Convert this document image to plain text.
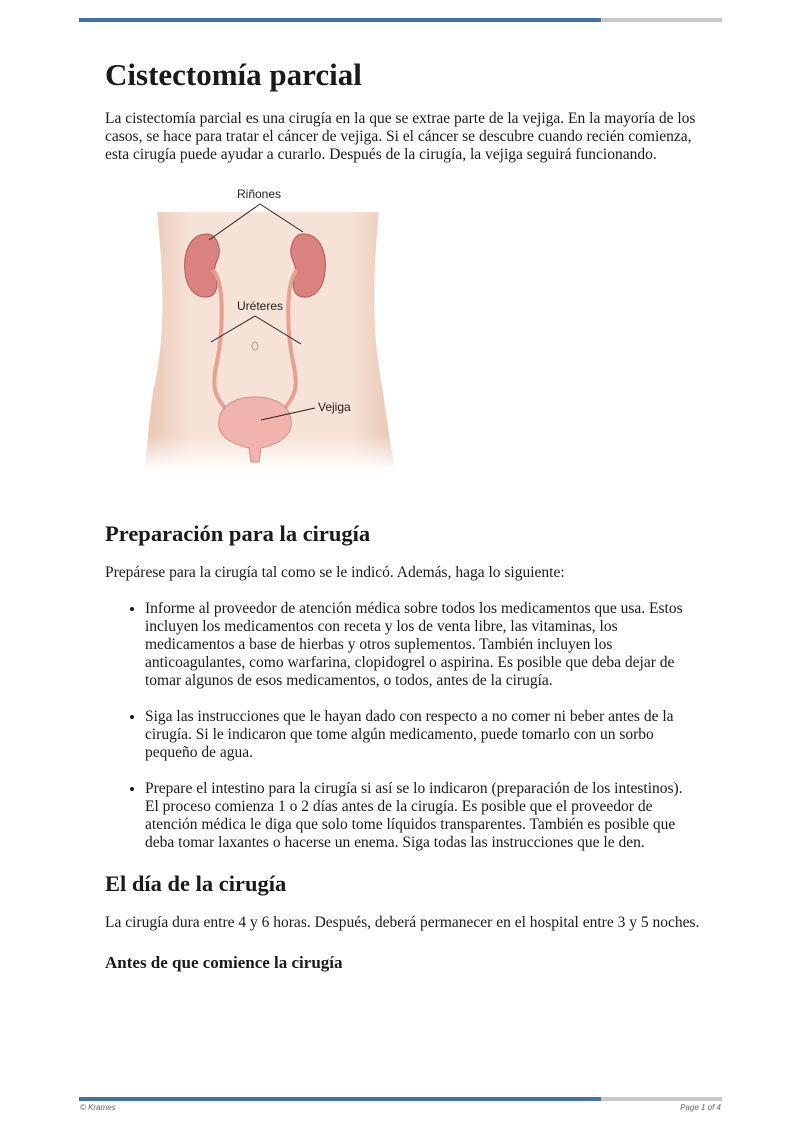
Cistectomía parcial

La cistectomía parcial es una cirugía en la que se extrae parte de la vejiga. En la mayoría de los casos, se hace para tratar el cáncer de vejiga. Si el cáncer se descubre cuando recién comienza, esta cirugía puede ayudar a curarlo. Después de la cirugía, la vejiga seguirá funcionando.

Riñones
Uréteres
Vejiga
Preparación para la cirugía

Prepárese para la cirugía tal como se le indicó. Además, haga lo siguiente:

• Informe al proveedor de atención médica sobre todos los medicamentos que usa. Estos incluyen los medicamentos con receta y los de venta libre, las vitaminas, los medicamentos a base de hierbas y otros suplementos. También incluyen los anticoagulantes, como warfarina, clopidogrel o aspirina. Es posible que deba dejar de tomar algunos de esos medicamentos, o todos, antes de la cirugía.
• Siga las instrucciones que le hayan dado con respecto a no comer ni beber antes de la cirugía. Si le indicaron que tome algún medicamento, puede tomarlo con un sorbo pequeño de agua.
• Prepare el intestino para la cirugía si así se lo indicaron (preparación de los intestinos). El proceso comienza 1 o 2 días antes de la cirugía. Es posible que el proveedor de atención médica le diga que solo tome líquidos transparentes. También es posible que deba tomar laxantes o hacerse un enema. Siga todas las instrucciones que le den.
El día de la cirugía

La cirugía dura entre 4 y 6 horas. Después, deberá permanecer en el hospital entre 3 y 5 noches.

Antes de que comience la cirugía
© Krames	Page 1 of 4
